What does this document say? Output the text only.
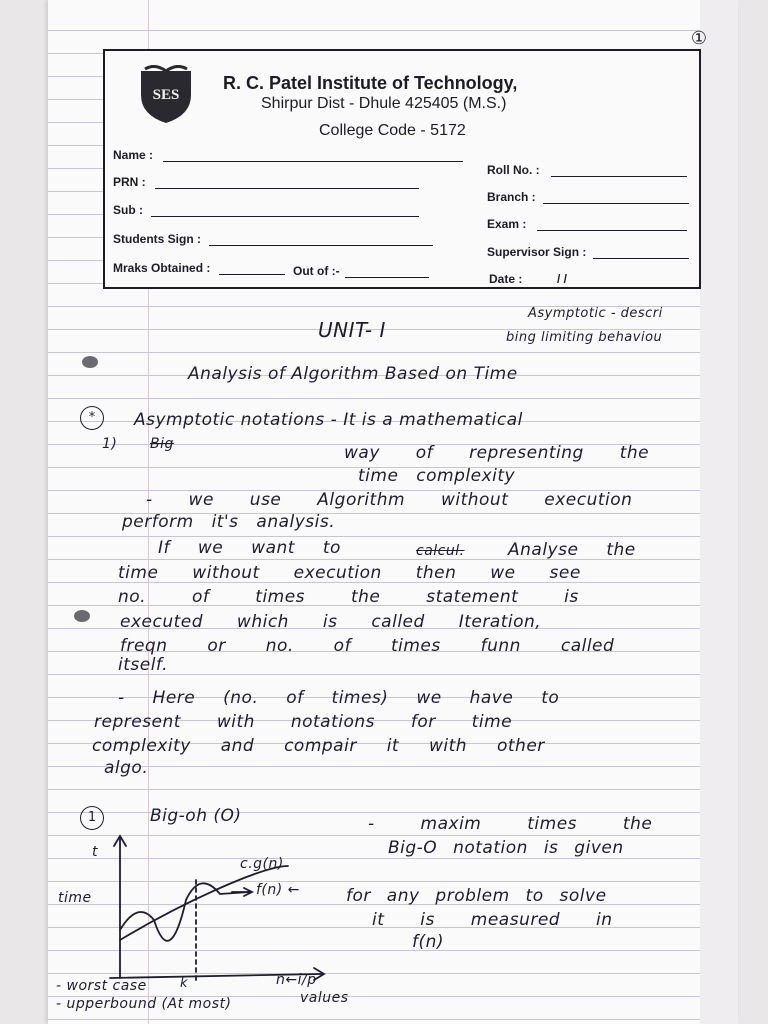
①
SES
R. C. Patel Institute of Technology,
Shirpur Dist - Dhule 425405 (M.S.)
College Code - 5172
Name :
PRN :
Sub :
Students Sign :
Roll No. :
Branch :
Exam :
Supervisor Sign :
Mraks Obtained :	Out of :-
Date :	/ /
UNIT- I
Asymptotic - descri
bing limiting behaviou
Analysis of Algorithm Based on Time
*	Asymptotic notations - It is a mathematical
1) Big	way of representing the
time complexity
- we use Algorithm without execution
perform it's analysis.
If we want to	calcul.	Analyse the
time without execution then we see
no. of times the statement is
executed which is called Iteration,
freqn or no. of times funn called
itself.
- Here (no. of times) we have to
represent with notations for time
complexity and compair it with other
algo.
1	Big-oh (O)	- maxim times the
Big-O notation is given
for any problem to solve
it is measured in
f(n)
t
time
c.g(n)
f(n) ←
k	n←i/p
values
- worst case
- upperbound (At most)
